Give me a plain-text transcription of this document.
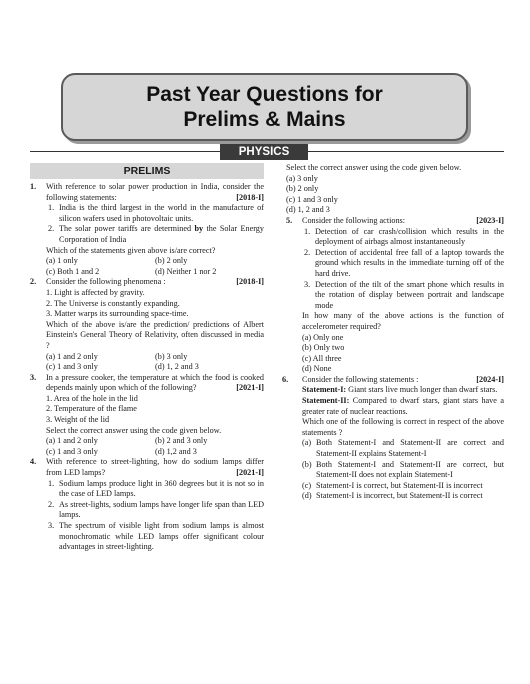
Past Year Questions for
Prelims & Mains
PHYSICS
PRELIMS
1. With reference to solar power production in India, consider the following statements:	[2018-I]
1. India is the third largest in the world in the manufacture of silicon wafers used in photovoltaic units.
2. The solar power tariffs are determined by the Solar Energy Corporation of India
Which of the statements given above is/are correct?
(a) 1 only	(b) 2 only
(c) Both 1 and 2	(d) Neither 1 nor 2
2. Consider the following phenomena :	[2018-I]
1. Light is affected by gravity.
2. The Universe is constantly expanding.
3. Matter warps its surrounding space-time.
Which of the above is/are the prediction/ predictions of Albert Einstein's General Theory of Relativity, often discussed in media ?
(a) 1 and 2 only	(b) 3 only
(c) 1 and 3 only	(d) 1, 2 and 3
3. In a pressure cooker, the temperature at which the food is cooked depends mainly upon which of the following?	[2021-I]
1. Area of the hole in the lid
2. Temperature of the flame
3. Weight of the lid
Select the correct answer using the code given below.
(a) 1 and 2 only	(b) 2 and 3 only
(c) 1 and 3 only	(d) 1,2 and 3
4. With reference to street-lighting, how do sodium lamps differ from LED lamps?	[2021-I]
1. Sodium lamps produce light in 360 degrees but it is not so in the case of LED lamps.
2. As street-lights, sodium lamps have longer life span than LED lamps.
3. The spectrum of visible light from sodium lamps is almost monochromatic while LED lamps offer significant colour advantages in street-lighting.
Select the correct answer using the code given below.
(a) 3 only
(b) 2 only
(c) 1 and 3 only
(d) 1, 2 and 3
5. Consider the following actions:	[2023-I]
1. Detection of car crash/collision which results in the deployment of airbags almost instantaneously
2. Detection of accidental free fall of a laptop towards the ground which results in the immediate turning off of the hard drive.
3. Detection of the tilt of the smart phone which results in the rotation of display between portrait and landscape mode
In how many of the above actions is the function of accelerometer required?
(a) Only one
(b) Only two
(c) All three
(d) None
6. Consider the following statements :	[2024-I]
Statement-I: Giant stars live much longer than dwarf stars.
Statement-II: Compared to dwarf stars, giant stars have a greater rate of nuclear reactions.
Which one of the following is correct in respect of the above statements ?
(a) Both Statement-I and Statement-II are correct and Statement-II explains Statement-I
(b) Both Statement-I and Statement-II are correct, but Statement-II does not explain Statement-I
(c) Statement-I is correct, but Statement-II is incorrect
(d) Statement-I is incorrect, but Statement-II is correct
